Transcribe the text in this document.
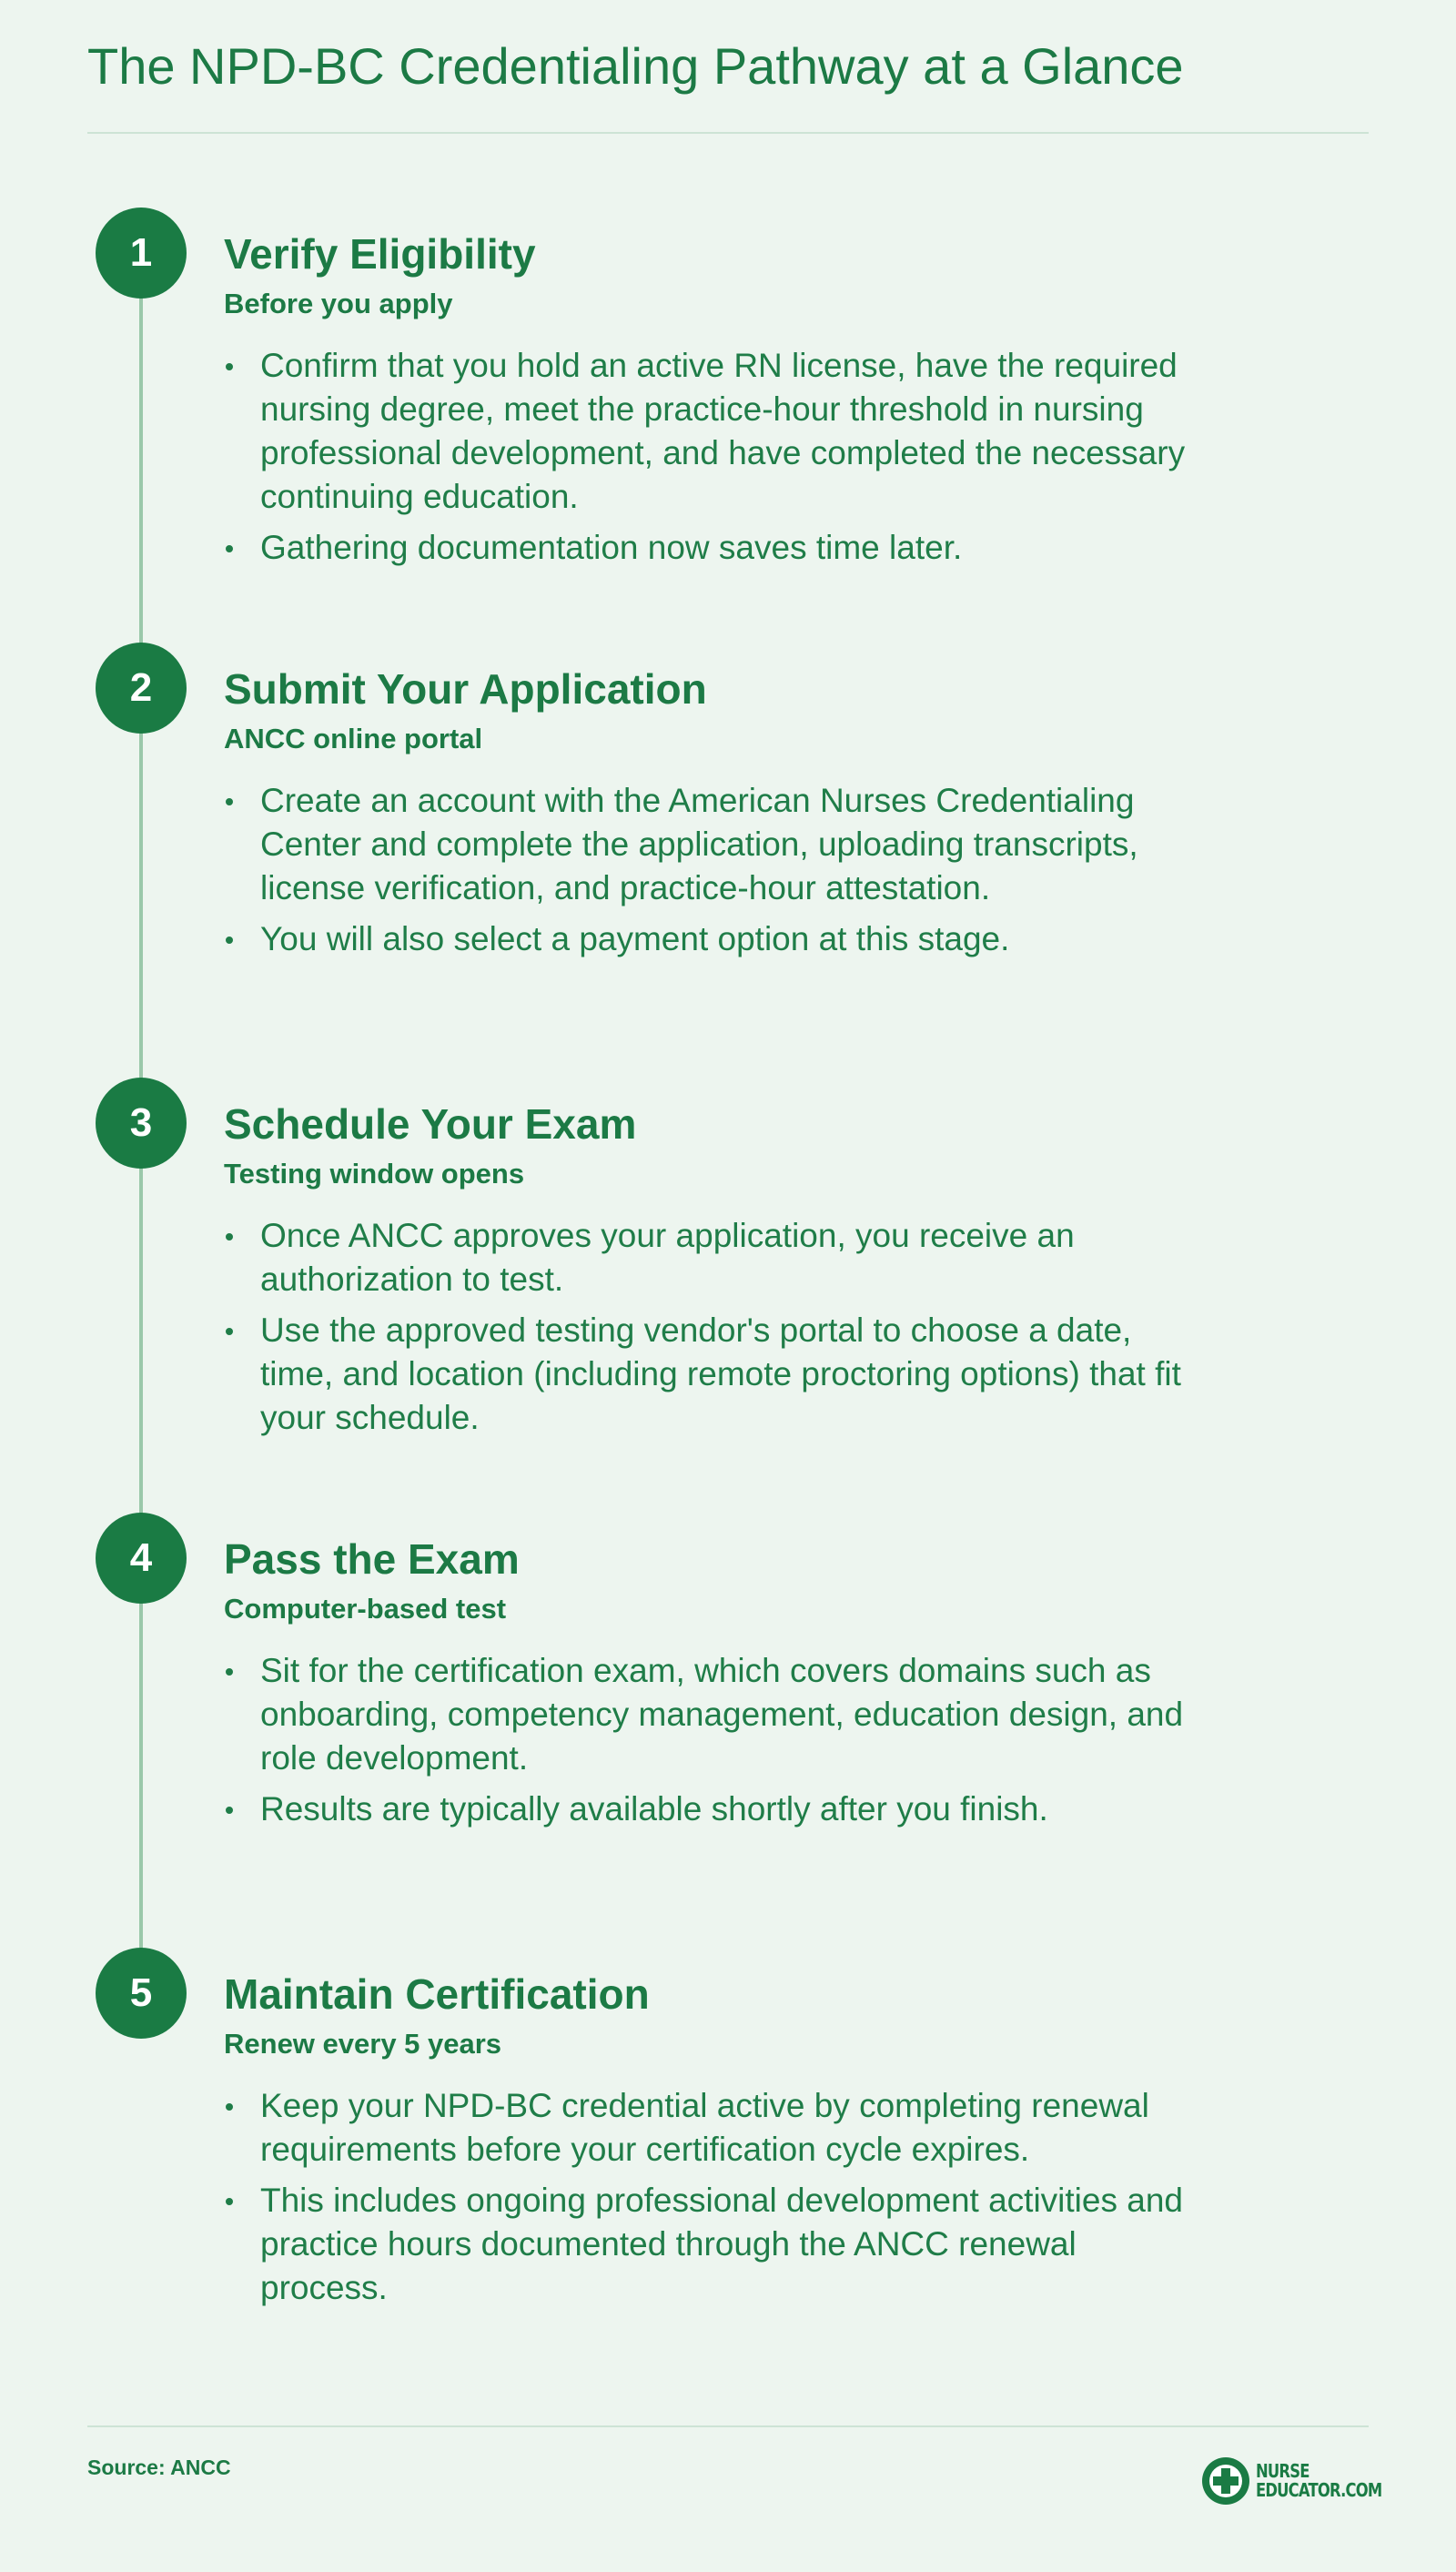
The NPD-BC Credentialing Pathway at a Glance
1	Verify Eligibility
Before you apply
Confirm that you hold an active RN license, have the required nursing degree, meet the practice-hour threshold in nursing professional development, and have completed the necessary continuing education.
Gathering documentation now saves time later.
2	Submit Your Application
ANCC online portal
Create an account with the American Nurses Credentialing Center and complete the application, uploading transcripts, license verification, and practice-hour attestation.
You will also select a payment option at this stage.
3	Schedule Your Exam
Testing window opens
Once ANCC approves your application, you receive an authorization to test.
Use the approved testing vendor's portal to choose a date, time, and location (including remote proctoring options) that fit your schedule.
4	Pass the Exam
Computer-based test
Sit for the certification exam, which covers domains such as onboarding, competency management, education design, and role development.
Results are typically available shortly after you finish.
5	Maintain Certification
Renew every 5 years
Keep your NPD-BC credential active by completing renewal requirements before your certification cycle expires.
This includes ongoing professional development activities and practice hours documented through the ANCC renewal process.
Source: ANCC	NURSE
EDUCATOR.COM
